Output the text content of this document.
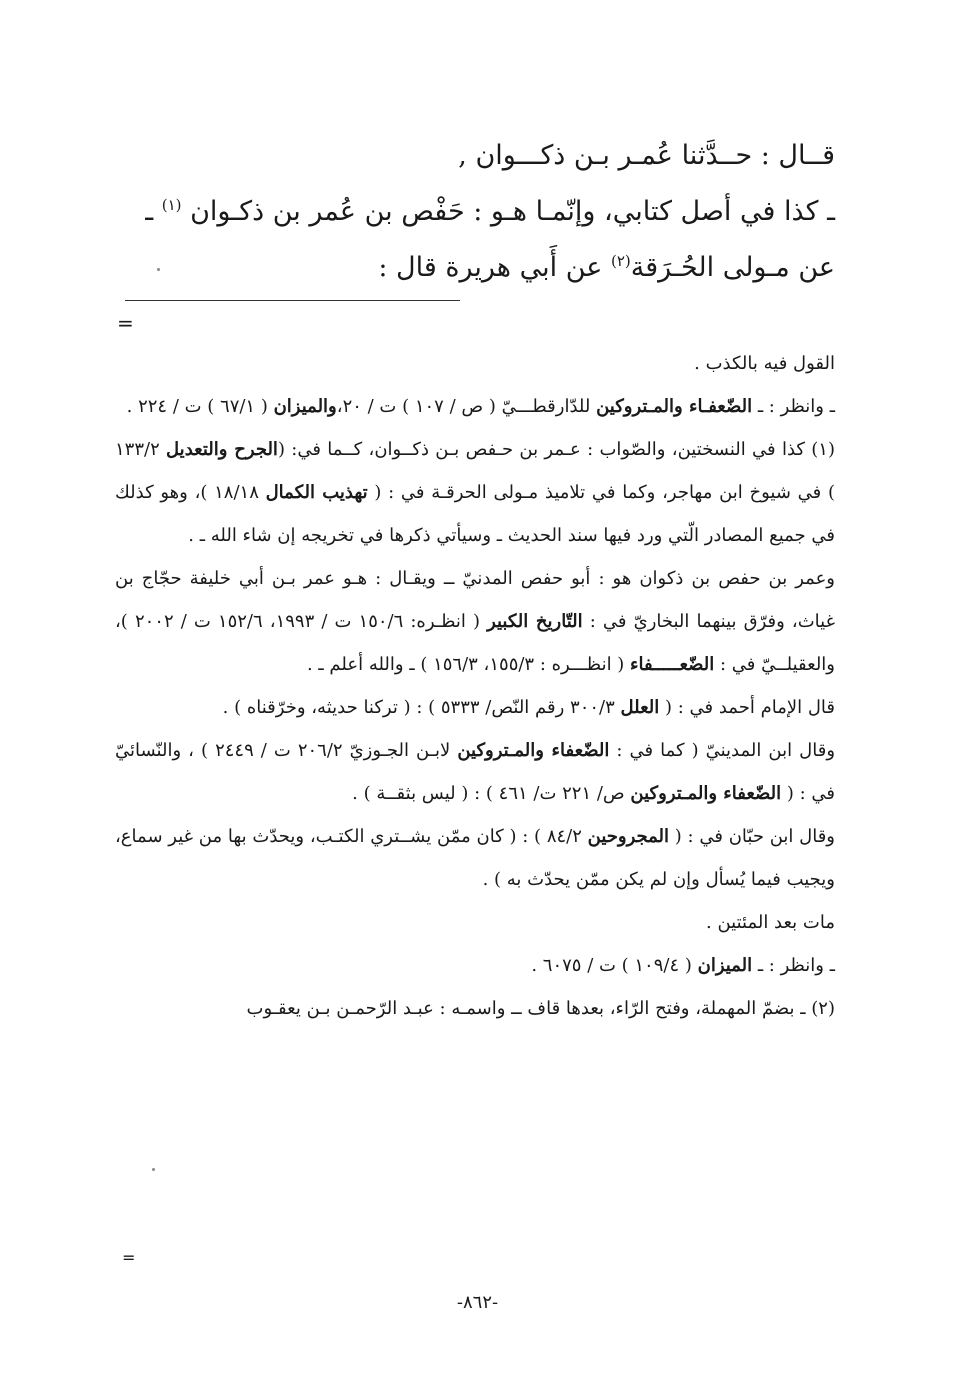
قــال : حــدَّثنا عُمـر بـن ذكـــوان ,

ـ كذا في أصل كتابي، وإنّمـا هـو : حَفْص بن عُمر بن ذكـوان $^{(١)}$ ـ

عن مـولى الحُـرَقة$^{(٢)}$ عن أَبي هريرة قال :

=

القول فيه بالكذب .

ـ وانظر : ـ الضّعفـاء والمـتروكين للدّارقطـــيّ ( ص / ١٠٧ ) ت / ٢٠،والميزان ( ٦٧/١ ) ت / ٢٢٤ .

(١) كذا في النسختين، والصّواب : عـمر بن حـفص بـن ذكــوان، كــما في: (الجرح والتعديل ١٣٣/٢ ) في شيوخ ابن مهاجر، وكما في تلاميذ مـولى الحرقـة في : ( تهذيب الكمال ١٨/١٨ )، وهو كذلك في جميع المصادر الّتي ورد فيها سند الحديث ـ وسيأتي ذكرها في تخريجه إن شاء الله ـ .

وعمر بن حفص بن ذكوان هو : أبو حفص المدنيّ ــ ويقـال : هـو عمر بـن أبي خليفة حجّاج بن غياث، وفرّق بينهما البخاريّ في : التّاريخ الكبير ( انظـره: ١٥٠/٦ ت / ١٩٩٣، ١٥٢/٦ ت / ٢٠٠٢ )، والعقيلــيّ في : الضّعـــــفاء ( انظـــره : ١٥٥/٣، ١٥٦/٣ ) ـ والله أعلم ـ .

قال الإمام أحمد في : ( العلل ٣٠٠/٣ رقم النّص/ ٥٣٣٣ ) : ( تركنا حديثه، وخرّقناه ) .

وقال ابن المدينيّ ( كما في : الضّعفاء والمـتروكين لابـن الجـوزيّ ٢٠٦/٢ ت / ٢٤٤٩ ) ، والنّسائيّ في : ( الضّعفاء والمـتروكين ص/ ٢٢١ ت/ ٤٦١ ) : ( ليس بثقــة ) .

وقال ابن حبّان في : ( المجروحين ٨٤/٢ ) : ( كان ممّن يشــتري الكتـب، ويحدّث بها من غير سماع، ويجيب فيما يُسأل وإن لم يكن ممّن يحدّث به ) .

مات بعد المئتين .

ـ وانظر : ـ الميزان ( ١٠٩/٤ ) ت / ٦٠٧٥ .

(٢) ـ بضمّ المهملة، وفتح الرّاء، بعدها قاف ــ واسمـه : عبـد الرّحمـن بـن يعقـوب

=
-٨٦٢-
